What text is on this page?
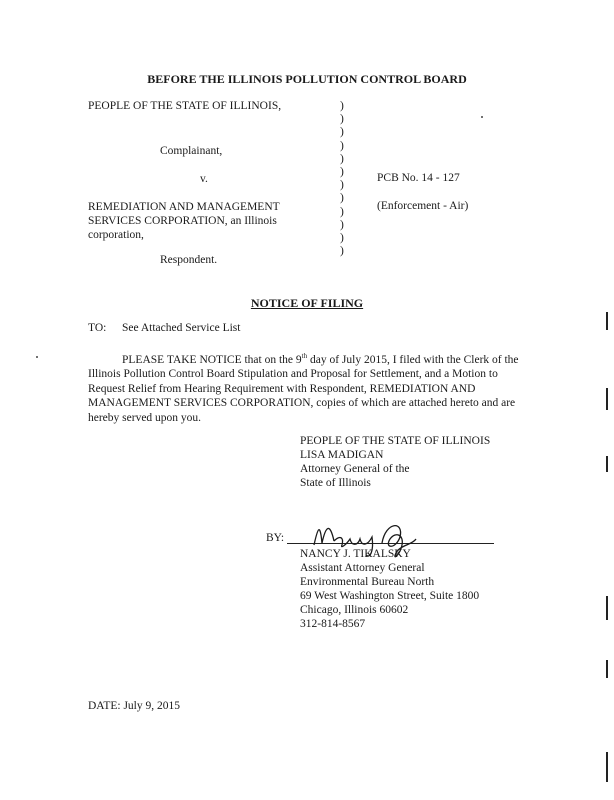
BEFORE THE ILLINOIS POLLUTION CONTROL BOARD
PEOPLE OF THE STATE OF ILLINOIS,
Complainant,
v.
REMEDIATION AND MANAGEMENT
SERVICES CORPORATION, an Illinois
corporation,
Respondent.
)
)
)
)
)
)
)
)
)
)
)
)
PCB No. 14 - 127
(Enforcement - Air)
NOTICE OF FILING
TO: See Attached Service List
PLEASE TAKE NOTICE that on the 9th day of July 2015, I filed with the Clerk of the Illinois Pollution Control Board Stipulation and Proposal for Settlement, and a Motion to Request Relief from Hearing Requirement with Respondent, REMEDIATION AND MANAGEMENT SERVICES CORPORATION, copies of which are attached hereto and are hereby served upon you.
PEOPLE OF THE STATE OF ILLINOIS
LISA MADIGAN
Attorney General of the
State of Illinois
BY:
NANCY J. TIKALSKY
Assistant Attorney General
Environmental Bureau North
69 West Washington Street, Suite 1800
Chicago, Illinois 60602
312-814-8567
DATE: July 9, 2015
